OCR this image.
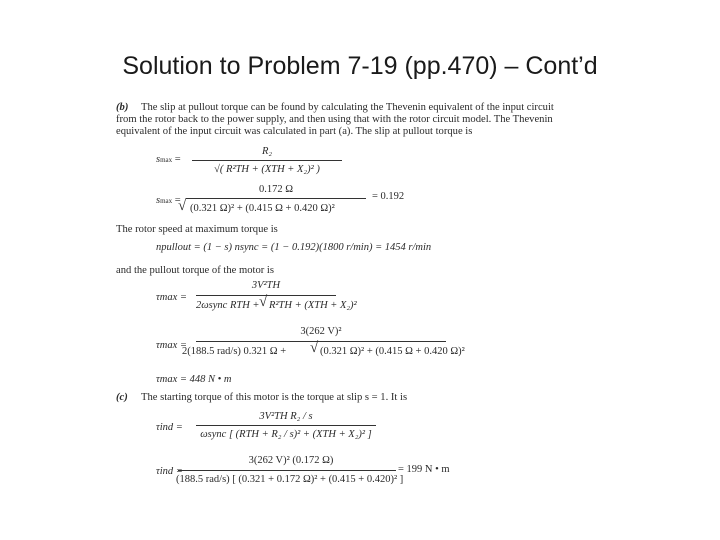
Solution to Problem 7-19 (pp.470) – Cont’d
(b) The slip at pullout torque can be found by calculating the Thevenin equivalent of the input circuit
from the rotor back to the power supply, and then using that with the rotor circuit model. The Thevenin
equivalent of the input circuit was calculated in part (a). The slip at pullout torque is
smax =
R₂
√( R²TH + (XTH + X₂)² )
smax =
0.172 Ω
√ (0.321 Ω)² + (0.415 Ω + 0.420 Ω)²
= 0.192
The rotor speed at maximum torque is
npullout = (1 − s) nsync = (1 − 0.192)(1800 r/min) = 1454 r/min
and the pullout torque of the motor is
τmax =
3V²TH
2ωsync RTH + √ R²TH + (XTH + X₂)²
τmax =
3(262 V)²
2(188.5 rad/s) 0.321 Ω + √ (0.321 Ω)² + (0.415 Ω + 0.420 Ω)²
τmax = 448 N • m
(c) The starting torque of this motor is the torque at slip s = 1. It is
τind =
3V²TH R₂ / s
ωsync [ (RTH + R₂ / s)² + (XTH + X₂)² ]
τind =
3(262 V)² (0.172 Ω)
(188.5 rad/s) [ (0.321 + 0.172 Ω)² + (0.415 + 0.420)² ]
= 199 N • m
